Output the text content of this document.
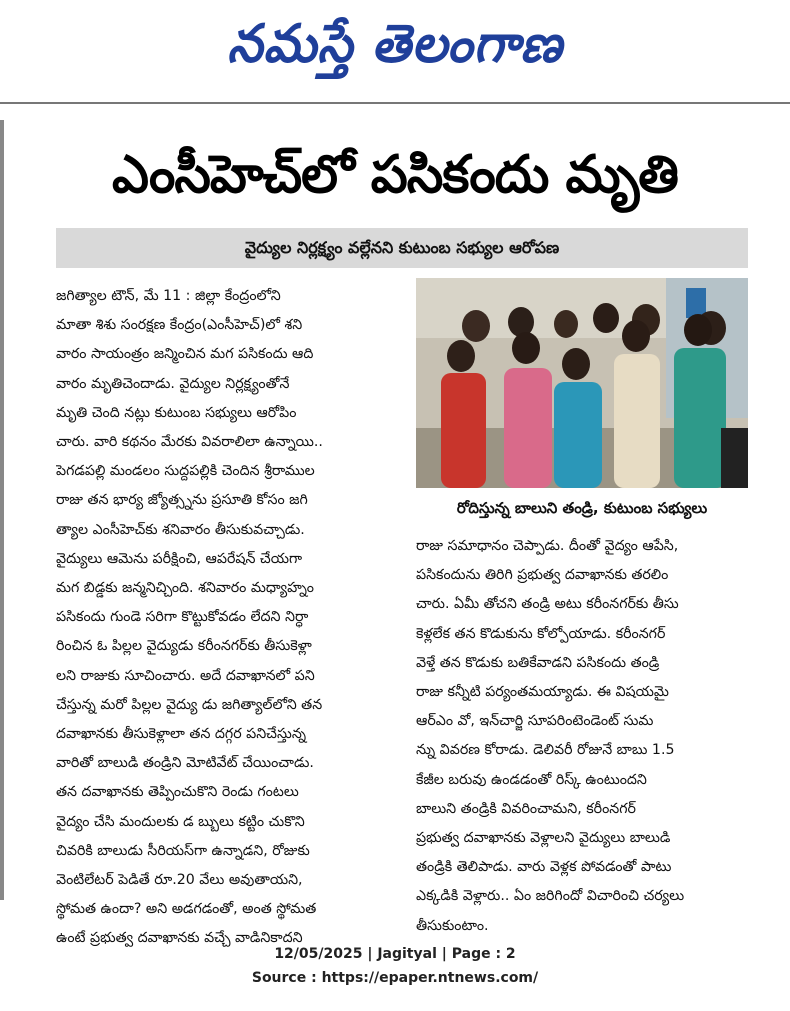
నమస్తే తెలంగాణ
ఎంసీహెచ్‌లో పసికందు మృతి
వైద్యుల నిర్లక్ష్యం వల్లేనని కుటుంబ సభ్యుల ఆరోపణ
జగిత్యాల టౌన్, మే 11 : జిల్లా కేంద్రంలోని
మాతా శిశు సంరక్షణ కేంద్రం(ఎంసీహెచ్)లో శని
వారం సాయంత్రం జన్మించిన మగ పసికందు ఆది
వారం మృతిచెందాడు. వైద్యుల నిర్లక్ష్యంతోనే
మృతి చెంది నట్లు కుటుంబ సభ్యులు ఆరోపిం
చారు. వారి కథనం మేరకు వివరాలిలా ఉన్నాయి..
పెగడపల్లి మండలం సుద్దపల్లికి చెందిన శ్రీరాముల
రాజు తన భార్య జ్యోత్స్నను ప్రసూతి కోసం జగి
త్యాల ఎంసీహెచ్‌కు శనివారం తీసుకువచ్చాడు.
వైద్యులు ఆమెను పరీక్షించి, ఆపరేషన్ చేయగా
మగ బిడ్డకు జన్మనిచ్చింది. శనివారం మధ్యాహ్నం
పసికందు గుండె సరిగా కొట్టుకోవడం లేదని నిర్ధా
రించిన ఓ పిల్లల వైద్యుడు కరీంనగర్‌కు తీసుకెళ్లా
లని రాజుకు సూచించారు. అదే దవాఖానలో పని
చేస్తున్న మరో పిల్లల వైద్యు డు జగిత్యాల్‌లోని తన
దవాఖానకు తీసుకెళ్లాలా తన దగ్గర పనిచేస్తున్న
వారితో బాలుడి తండ్రిని మోటివేట్ చేయించాడు.
తన దవాఖానకు తెప్పించుకొని రెండు గంటలు
వైద్యం చేసి మందులకు డ బ్బులు కట్టిం చుకొని
చివరికి బాలుడు సీరియస్‌గా ఉన్నాడని, రోజుకు
వెంటిలేటర్ పెడితే రూ.20 వేలు అవుతాయని,
స్థోమత ఉందా? అని అడగడంతో, అంత స్థోమత
ఉంటే ప్రభుత్వ దవాఖానకు వచ్చే వాడినికాదని
రోదిస్తున్న బాలుని తండ్రి, కుటుంబ సభ్యులు
రాజు సమాధానం చెప్పాడు. దీంతో వైద్యం ఆపేసి,
పసికందును తిరిగి ప్రభుత్వ దవాఖానకు తరలిం
చారు. ఏమీ తోచని తండ్రి అటు కరీంనగర్‌కు తీసు
కెళ్లలేక తన కొడుకును కోల్పోయాడు. కరీంనగర్
వెళ్తే తన కొడుకు బతికేవాడని పసికందు తండ్రి
రాజు కన్నీటి పర్యంతమయ్యాడు. ఈ విషయమై
ఆర్ఎం వో, ఇన్‌చార్జి సూపరింటెండెంట్ సుమ
న్ను వివరణ కోరాడు. డెలివరీ రోజునే బాబు 1.5
కేజీల బరువు ఉండడంతో రిస్క్ ఉంటుందని
బాలుని తండ్రికి వివరించామని, కరీంనగర్
ప్రభుత్వ దవాఖానకు వెళ్లాలని వైద్యులు బాలుడి
తండ్రికి తెలిపాడు. వారు వెళ్లక పోవడంతో పాటు
ఎక్కడికి వెళ్లారు.. ఏం జరిగిందో విచారించి చర్యలు
తీసుకుంటాం.
12/05/2025 | Jagityal | Page : 2
Source : https://epaper.ntnews.com/
